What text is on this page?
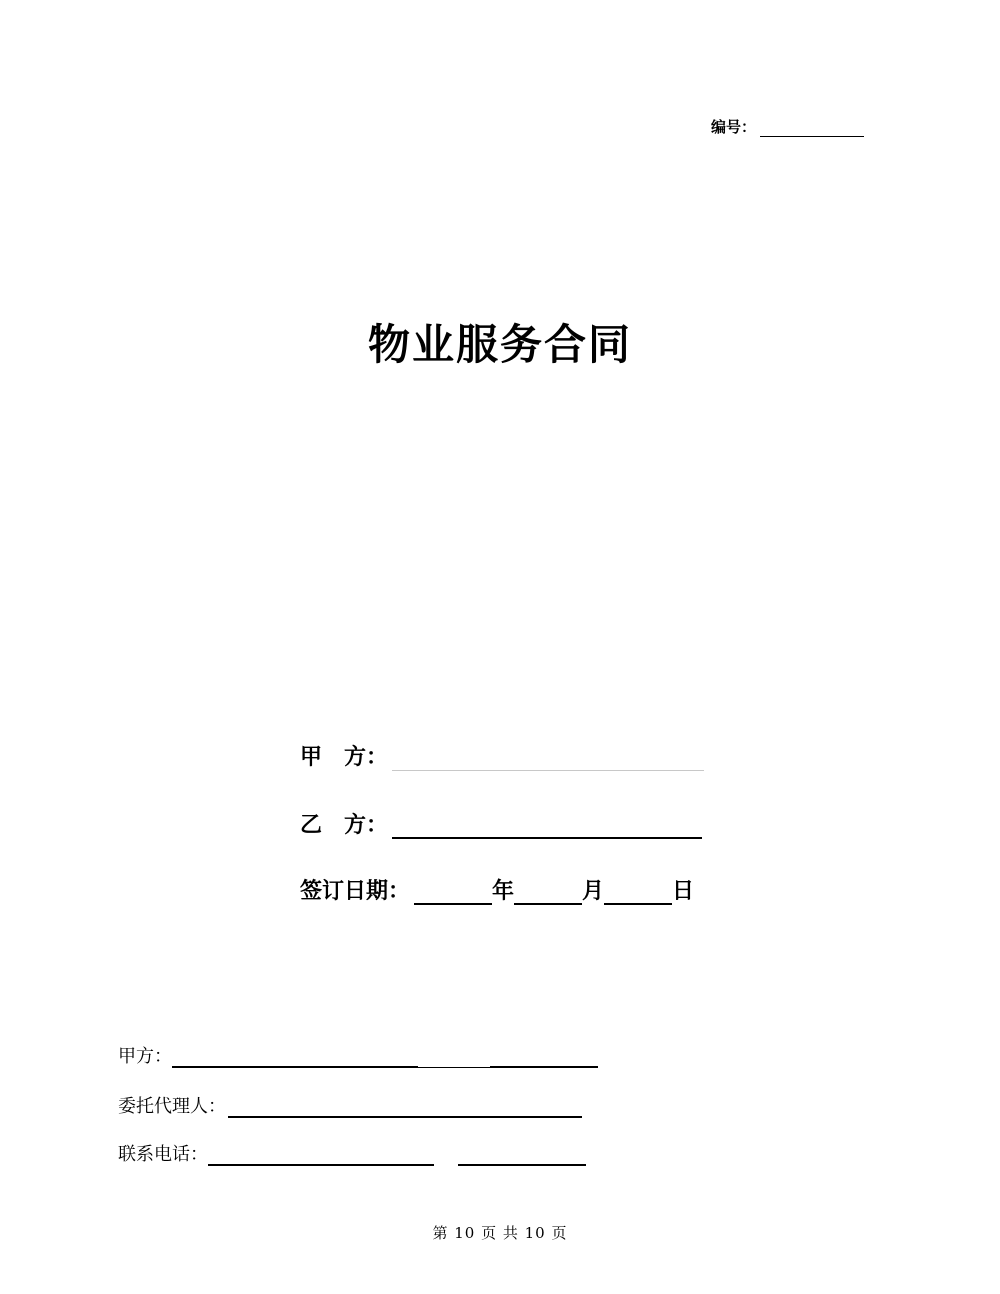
编号：
物业服务合同
甲　方：
乙　方：
签订日期：	年	月	日
甲方：
委托代理人：
联系电话：
第 10 页 共 10 页
